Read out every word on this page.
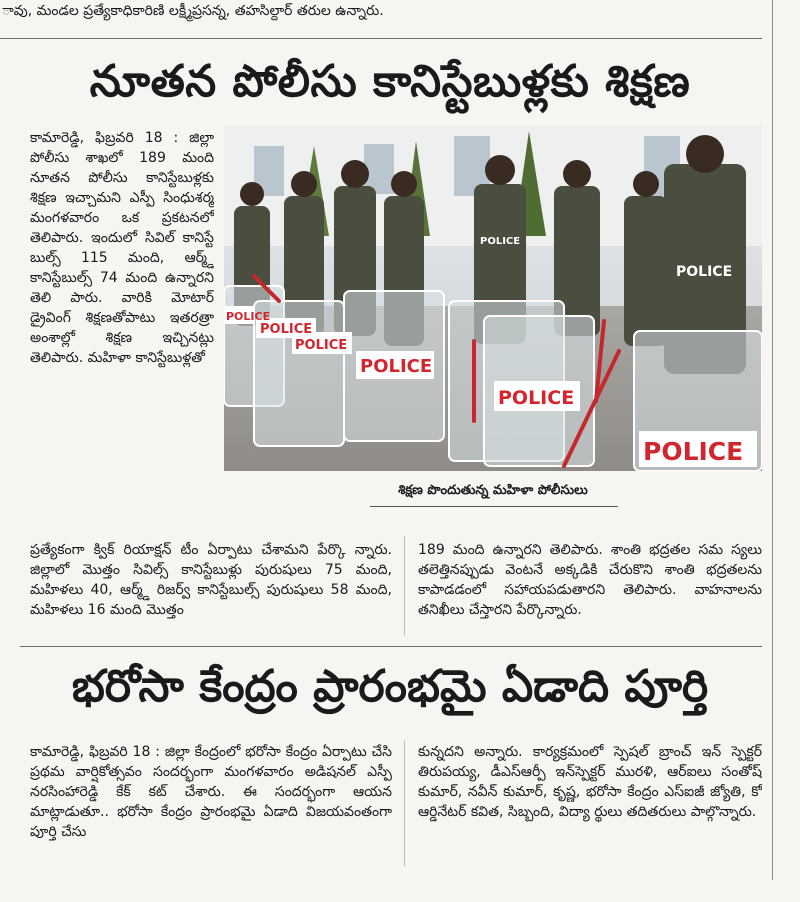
ావు, మండల ప్రత్యేకాధికారిణి లక్ష్మీప్రసన్న, తహసిల్దార్ తరుల ఉన్నారు.
నూతన పోలీసు కానిస్టేబుళ్లకు శిక్షణ
కామారెడ్డి, ఫిబ్రవరి 18 : జిల్లా పోలీసు శాఖలో 189 మంది నూతన పోలీసు కానిస్టేబుళ్లకు శిక్షణ ఇచ్చామని ఎస్పీ సింధుశర్మ మంగళవారం ఒక ప్రకటనలో తెలిపారు. ఇందులో సివిల్ కానిస్టే బుల్స్ 115 మంది, ఆర్మ్డ్ కానిస్టేబుల్స్ 74 మంది ఉన్నారని తెలి పారు. వారికి మోటార్ డ్రైవింగ్ శిక్షణతోపాటు ఇతరత్రా అంశాల్లో శిక్షణ ఇచ్చినట్లు తెలిపారు. మహిళా కానిస్టేబుళ్లతో
POLICE
POLICE
POLICE
POLICE
POLICE
POLICE
POLICE
POLICE
శిక్షణ పొందుతున్న మహిళా పోలీసులు
ప్రత్యేకంగా క్విక్ రియాక్షన్ టీం ఏర్పాటు చేశామని పేర్కొ న్నారు. జిల్లాలో మొత్తం సివిల్స్ కానిస్టేబుళ్లు పురుషులు 75 మంది, మహిళలు 40, ఆర్మ్డ్ రిజర్వ్ కానిస్టేబుల్స్ పురుషులు 58 మంది, మహిళలు 16 మంది మొత్తం
189 మంది ఉన్నారని తెలిపారు. శాంతి భద్రతల సమ స్యలు తలెత్తినప్పుడు వెంటనే అక్కడికి చేరుకొని శాంతి భద్రతలను కాపాడడంలో సహాయపడుతారని తెలిపారు. వాహనాలను తనిఖీలు చేస్తారని పేర్కొన్నారు.
భరోసా కేంద్రం ప్రారంభమై ఏడాది పూర్తి
కామారెడ్డి, ఫిబ్రవరి 18 : జిల్లా కేంద్రంలో భరోసా కేంద్రం ఏర్పాటు చేసి ప్రథమ వార్షికోత్సవం సందర్భంగా మంగళవారం అడిషనల్ ఎస్పీ నరసింహారెడ్డి కేక్ కట్ చేశారు. ఈ సందర్భంగా ఆయన మాట్లాడుతూ.. భరోసా కేంద్రం ప్రారంభమై ఏడాది విజయవంతంగా పూర్తి చేసు
కున్నదని అన్నారు. కార్యక్రమంలో స్పెషల్ బ్రాంచ్ ఇన్ స్పెక్టర్ తిరుపయ్య, డీఎస్ఆర్పీ ఇన్‌స్పెక్టర్ మురళి, ఆర్ఐలు సంతోష్ కుమార్, నవీన్ కుమార్, కృష్ణ, భరోసా కేంద్రం ఎస్ఐజీ జ్యోతి, కో ఆర్డినేటర్ కవిత, సిబ్బంది, విద్యా ర్థులు తదితరులు పాల్గొన్నారు.
